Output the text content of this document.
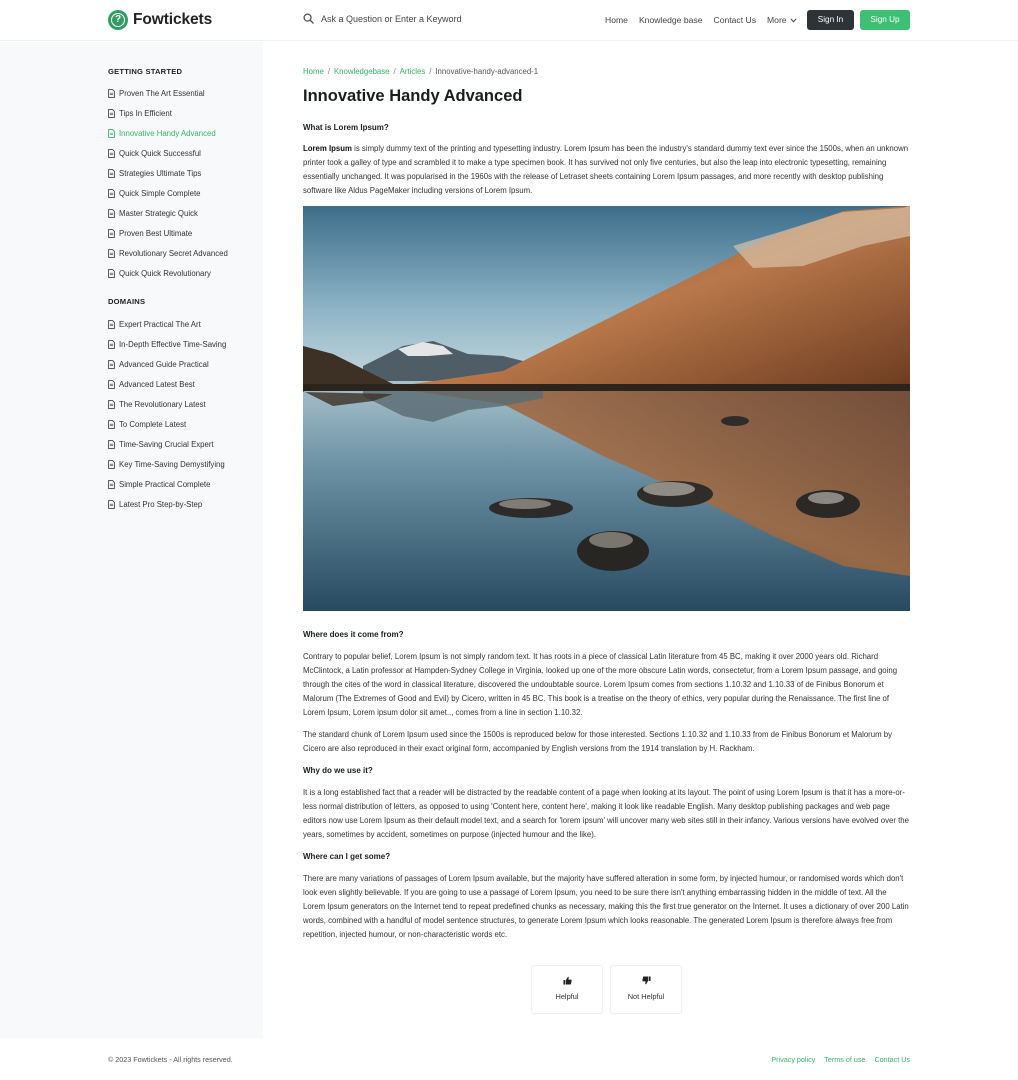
? Fowtickets
Ask a Question or Enter a Keyword	Home Knowledge base Contact Us More	Sign In	Sign Up
GETTING STARTED
Proven The Art Essential
Tips In Efficient
Innovative Handy Advanced
Quick Quick Successful
Strategies Ultimate Tips
Quick Simple Complete
Master Strategic Quick
Proven Best Ultimate
Revolutionary Secret Advanced
Quick Quick Revolutionary
DOMAINS
Expert Practical The Art
In-Depth Effective Time-Saving
Advanced Guide Practical
Advanced Latest Best
The Revolutionary Latest
To Complete Latest
Time-Saving Crucial Expert
Key Time-Saving Demystifying
Simple Practical Complete
Latest Pro Step-by-Step
Home / Knowledgebase / Articles / Innovative-handy-advanced-1
Innovative Handy Advanced
What is Lorem Ipsum?

Lorem Ipsum is simply dummy text of the printing and typesetting industry. Lorem Ipsum has been the industry's standard dummy text ever since the 1500s, when an unknown printer took a galley of type and scrambled it to make a type specimen book. It has survived not only five centuries, but also the leap into electronic typesetting, remaining essentially unchanged. It was popularised in the 1960s with the release of Letraset sheets containing Lorem Ipsum passages, and more recently with desktop publishing software like Aldus PageMaker including versions of Lorem Ipsum.

Where does it come from?

Contrary to popular belief, Lorem Ipsum is not simply random text. It has roots in a piece of classical Latin literature from 45 BC, making it over 2000 years old. Richard McClintock, a Latin professor at Hampden-Sydney College in Virginia, looked up one of the more obscure Latin words, consectetur, from a Lorem Ipsum passage, and going through the cites of the word in classical literature, discovered the undoubtable source. Lorem Ipsum comes from sections 1.10.32 and 1.10.33 of de Finibus Bonorum et Malorum (The Extremes of Good and Evil) by Cicero, written in 45 BC. This book is a treatise on the theory of ethics, very popular during the Renaissance. The first line of Lorem Ipsum, Lorem ipsum dolor sit amet.., comes from a line in section 1.10.32.

The standard chunk of Lorem Ipsum used since the 1500s is reproduced below for those interested. Sections 1.10.32 and 1.10.33 from de Finibus Bonorum et Malorum by Cicero are also reproduced in their exact original form, accompanied by English versions from the 1914 translation by H. Rackham.

Why do we use it?

It is a long established fact that a reader will be distracted by the readable content of a page when looking at its layout. The point of using Lorem Ipsum is that it has a more-or-less normal distribution of letters, as opposed to using 'Content here, content here', making it look like readable English. Many desktop publishing packages and web page editors now use Lorem Ipsum as their default model text, and a search for 'lorem ipsum' will uncover many web sites still in their infancy. Various versions have evolved over the years, sometimes by accident, sometimes on purpose (injected humour and the like).

Where can I get some?

There are many variations of passages of Lorem Ipsum available, but the majority have suffered alteration in some form, by injected humour, or randomised words which don't look even slightly believable. If you are going to use a passage of Lorem Ipsum, you need to be sure there isn't anything embarrassing hidden in the middle of text. All the Lorem Ipsum generators on the Internet tend to repeat predefined chunks as necessary, making this the first true generator on the Internet. It uses a dictionary of over 200 Latin words, combined with a handful of model sentence structures, to generate Lorem Ipsum which looks reasonable. The generated Lorem Ipsum is therefore always free from repetition, injected humour, or non-characteristic words etc.

Helpful	Not Helpful
© 2023 Fowtickets - All rights reserved.	Privacy policy Terms of use Contact Us
